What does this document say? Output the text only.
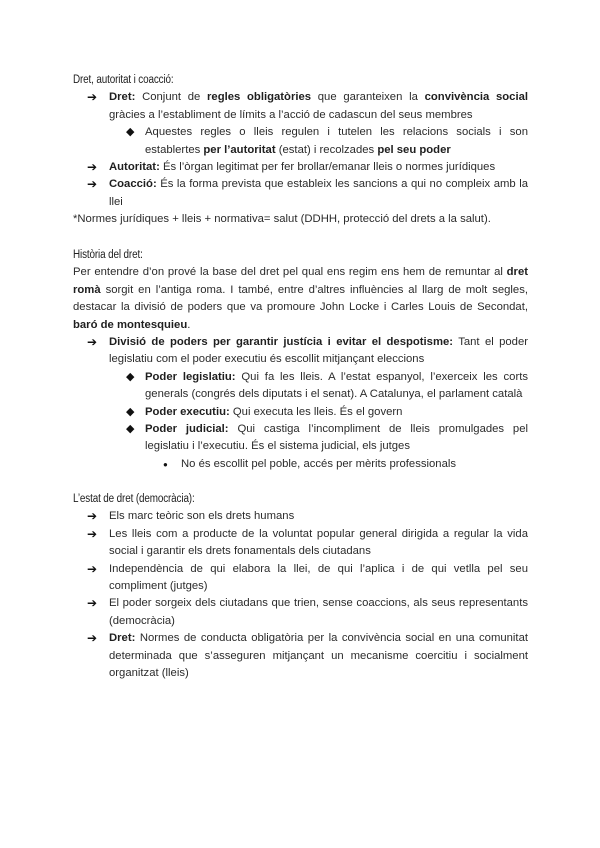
Dret, autoritat i coacció:

➔ Dret: Conjunt de regles obligatòries que garanteixen la convivència social gràcies a l’establiment de límits a l’acció de cadascun del seus membres
◆ Aquestes regles o lleis regulen i tutelen les relacions socials i son establertes per l’autoritat (estat) i recolzades pel seu poder
➔ Autoritat: És l’òrgan legitimat per fer brollar/emanar lleis o normes jurídiques
➔ Coacció: És la forma prevista que estableix les sancions a qui no compleix amb la llei

*Normes jurídiques + lleis + normativa= salut (DDHH, protecció del drets a la salut).

Història del dret:

Per entendre d’on prové la base del dret pel qual ens regim ens hem de remuntar al dret romà sorgit en l’antiga roma. I també, entre d’altres influències al llarg de molt segles, destacar la divisió de poders que va promoure John Locke i Carles Louis de Secondat, baró de montesquieu.

➔ Divisió de poders per garantir justícia i evitar el despotisme: Tant el poder legislatiu com el poder executiu és escollit mitjançant eleccions
◆ Poder legislatiu: Qui fa les lleis. A l’estat espanyol, l’exerceix les corts generals (congrés dels diputats i el senat). A Catalunya, el parlament català
◆ Poder executiu: Qui executa les lleis. És el govern
◆ Poder judicial: Qui castiga l’incompliment de lleis promulgades pel legislatiu i l’executiu. És el sistema judicial, els jutges
● No és escollit pel poble, accés per mèrits professionals

L’estat de dret (democràcia):

➔ Els marc teòric son els drets humans
➔ Les lleis com a producte de la voluntat popular general dirigida a regular la vida social i garantir els drets fonamentals dels ciutadans
➔ Independència de qui elabora la llei, de qui l’aplica i de qui vetlla pel seu compliment (jutges)
➔ El poder sorgeix dels ciutadans que trien, sense coaccions, als seus representants (democràcia)
➔ Dret: Normes de conducta obligatòria per la convivència social en una comunitat determinada que s’asseguren mitjançant un mecanisme coercitiu i socialment organitzat (lleis)
